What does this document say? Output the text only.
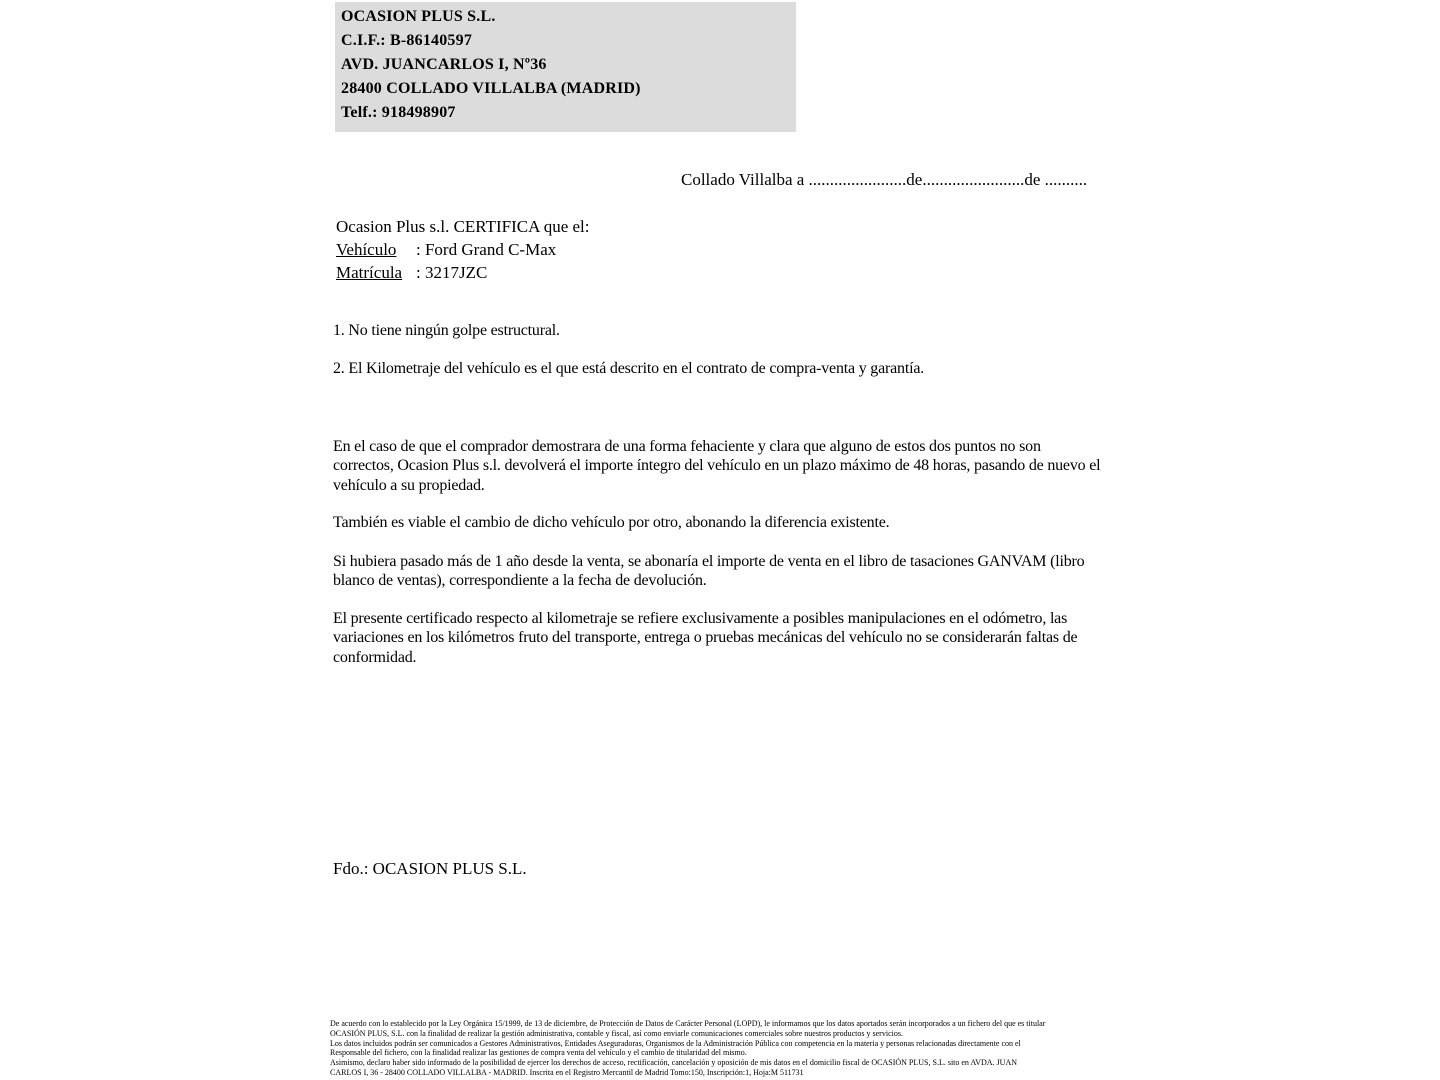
OCASION PLUS S.L.
C.I.F.: B-86140597
AVD. JUANCARLOS I, Nº36
28400 COLLADO VILLALBA (MADRID)
Telf.: 918498907
Collado Villalba a .......................de........................de ..........
Ocasion Plus s.l. CERTIFICA que el:
Vehículo : Ford Grand C-Max
Matrícula : 3217JZC
1. No tiene ningún golpe estructural.
2. El Kilometraje del vehículo es el que está descrito en el contrato de compra-venta y garantía.

En el caso de que el comprador demostrara de una forma fehaciente y clara que alguno de estos dos puntos no son correctos, Ocasion Plus s.l. devolverá el importe íntegro del vehículo en un plazo máximo de 48 horas, pasando de nuevo el vehículo a su propiedad.

También es viable el cambio de dicho vehículo por otro, abonando la diferencia existente.

Si hubiera pasado más de 1 año desde la venta, se abonaría el importe de venta en el libro de tasaciones GANVAM (libro blanco de ventas), correspondiente a la fecha de devolución.

El presente certificado respecto al kilometraje se refiere exclusivamente a posibles manipulaciones en el odómetro, las variaciones en los kilómetros fruto del transporte, entrega o pruebas mecánicas del vehículo no se considerarán faltas de conformidad.

Fdo.: OCASION PLUS S.L.
De acuerdo con lo establecido por la Ley Orgánica 15/1999, de 13 de diciembre, de Protección de Datos de Carácter Personal (LOPD), le informamos que los datos aportados serán incorporados a un fichero del que es titular
OCASIÓN PLUS, S.L. con la finalidad de realizar la gestión administrativa, contable y fiscal, así como enviarle comunicaciones comerciales sobre nuestros productos y servicios.
Los datos incluidos podrán ser comunicados a Gestores Administrativos, Entidades Aseguradoras, Organismos de la Administración Pública con competencia en la materia y personas relacionadas directamente con el
Responsable del fichero, con la finalidad realizar las gestiones de compra venta del vehículo y el cambio de titularidad del mismo.
Asimismo, declaro haber sido informado de la posibilidad de ejercer los derechos de acceso, rectificación, cancelación y oposición de mis datos en el domicilio fiscal de OCASIÓN PLUS, S.L. sito en AVDA. JUAN
CARLOS I, 36 - 28400 COLLADO VILLALBA - MADRID. Inscrita en el Registro Mercantil de Madrid Tomo:150, Inscripción:1, Hoja:M 511731
